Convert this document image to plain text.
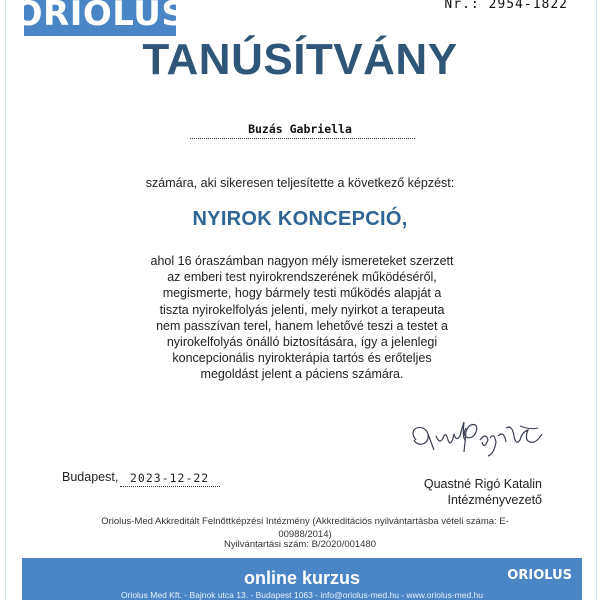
ORIOLUS	Nr.: 2954-1822
TANÚSÍTVÁNY
Buzás Gabriella
számára, aki sikeresen teljesítette a következő képzést:
NYIROK KONCEPCIÓ,
ahol 16 óraszámban nagyon mély ismereteket szerzett az emberi test nyirokrendszerének működéséről, megismerte, hogy bármely testi működés alapját a tiszta nyirokelfolyás jelenti, mely nyirkot a terapeuta nem passzívan terel, hanem lehetővé teszi a testet a nyirokelfolyás önálló biztosítására, így a jelenlegi koncepcionális nyirokterápia tartós és erőteljes megoldást jelent a páciens számára.
Budapest, 2023-12-22	Quastné Rigó Katalin
Intézményvezető
Oriolus-Med Akkreditált Felnőttképzési Intézmény (Akkreditációs nyilvántartásba vételi száma: E-00988/2014)
Nyilvántartási szám: B/2020/001480
online kurzus	ORIOLUS
Oriolus Med Kft. - Bajnok utca 13. - Budapest 1063 - info@oriolus-med.hu - www.oriolus-med.hu
